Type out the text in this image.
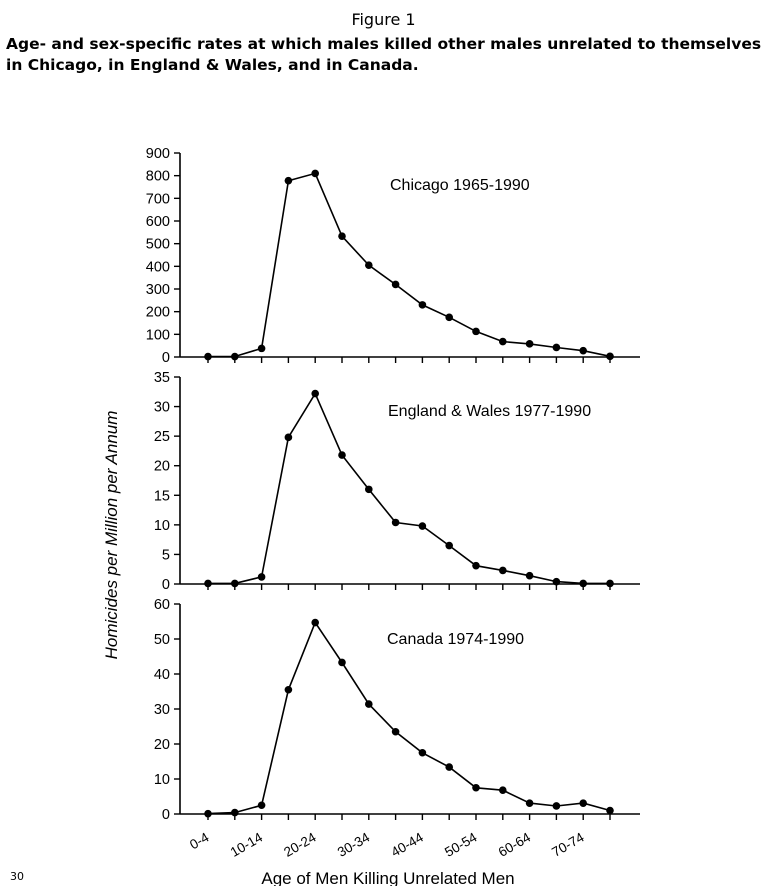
Figure 1
Age- and sex-specific rates at which males killed other males unrelated to themselves in Chicago, in England & Wales, and in Canada.
Homicides per Million per Annum
Age of Men Killing Unrelated Men
0
100
200
300
400
500
600
700
800
900
Chicago 1965-1990
0
5
10
15
20
25
30
35
England & Wales 1977-1990
0
10
20
30
40
50
60
Canada 1974-1990
0-4 10-14 20-24 30-34 40-44 50-54 60-64 70-74
30
